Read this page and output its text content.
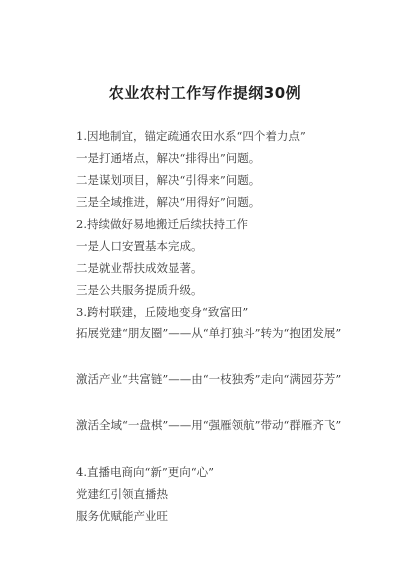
农业农村工作写作提纲30例
1.因地制宜，锚定疏通农田水系“四个着力点”
一是打通堵点，解决“排得出”问题。
二是谋划项目，解决“引得来”问题。
三是全域推进，解决“用得好”问题。
2.持续做好易地搬迁后续扶持工作
一是人口安置基本完成。
二是就业帮扶成效显著。
三是公共服务提质升级。
3.跨村联建，丘陵地变身“致富田”
拓展党建“朋友圈”——从“单打独斗”转为“抱团发展”
激活产业“共富链”——由“一枝独秀”走向“满园芬芳”
激活全域“一盘棋”——用“强雁领航”带动“群雁齐飞”
4.直播电商向“新”更向“心”
党建红引领直播热
服务优赋能产业旺
